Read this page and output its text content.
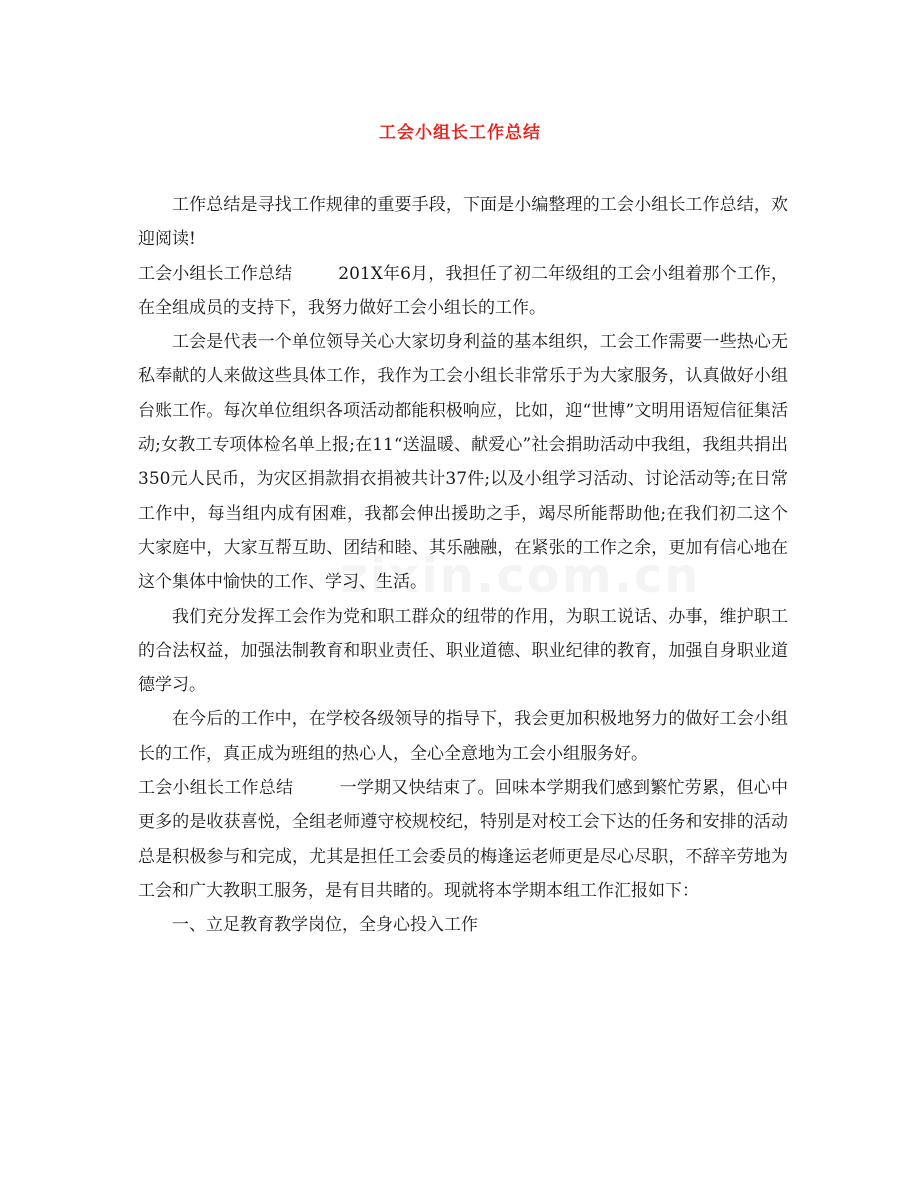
工会小组长工作总结

工作总结是寻找工作规律的重要手段，下面是小编整理的工会小组长工作总结，欢迎阅读!

工会小组长工作总结	201X年6月，我担任了初二年级组的工会小组着那个工作，在全组成员的支持下，我努力做好工会小组长的工作。

工会是代表一个单位领导关心大家切身利益的基本组织，工会工作需要一些热心无私奉献的人来做这些具体工作，我作为工会小组长非常乐于为大家服务，认真做好小组台账工作。每次单位组织各项活动都能积极响应，比如，迎“世博”文明用语短信征集活动;女教工专项体检名单上报;在11“送温暖、献爱心”社会捐助活动中我组，我组共捐出350元人民币，为灾区捐款捐衣捐被共计37件;以及小组学习活动、讨论活动等;在日常工作中，每当组内成有困难，我都会伸出援助之手，竭尽所能帮助他;在我们初二这个大家庭中，大家互帮互助、团结和睦、其乐融融，在紧张的工作之余，更加有信心地在这个集体中愉快的工作、学习、生活。

我们充分发挥工会作为党和职工群众的纽带的作用，为职工说话、办事，维护职工的合法权益，加强法制教育和职业责任、职业道德、职业纪律的教育，加强自身职业道德学习。

在今后的工作中，在学校各级领导的指导下，我会更加积极地努力的做好工会小组长的工作，真正成为班组的热心人，全心全意地为工会小组服务好。

工会小组长工作总结	一学期又快结束了。回味本学期我们感到繁忙劳累，但心中更多的是收获喜悦，全组老师遵守校规校纪，特别是对校工会下达的任务和安排的活动总是积极参与和完成，尤其是担任工会委员的梅逢运老师更是尽心尽职，不辞辛劳地为工会和广大教职工服务，是有目共睹的。现就将本学期本组工作汇报如下：

一、立足教育教学岗位，全身心投入工作
